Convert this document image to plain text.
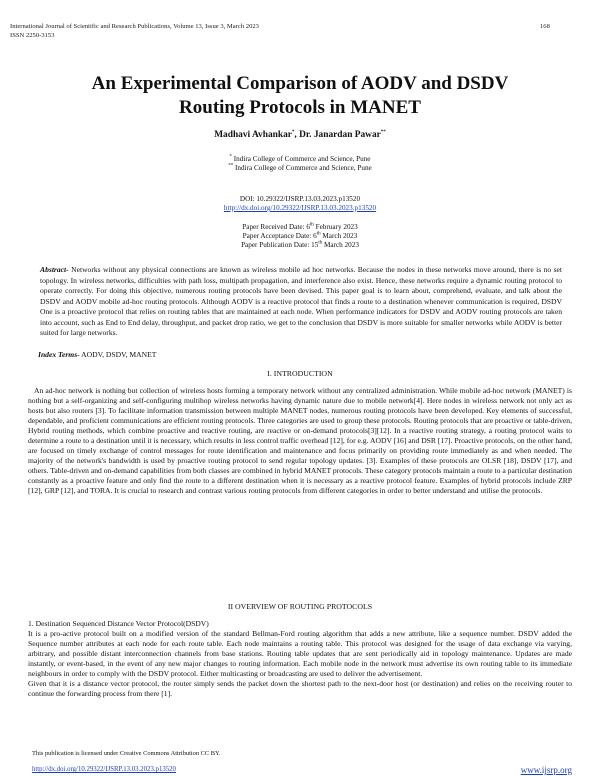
International Journal of Scientific and Research Publications, Volume 13, Issue 3, March 2023
ISSN 2250-3153
168
An Experimental Comparison of AODV and DSDV
Routing Protocols in MANET
Madhavi Avhankar*, Dr. Janardan Pawar**
* Indira College of Commerce and Science, Pune
** Indira College of Commerce and Science, Pune
DOI: 10.29322/IJSRP.13.03.2023.p13520
http://dx.doi.org/10.29322/IJSRP.13.03.2023.p13520
Paper Received Date: 6th February 2023
Paper Acceptance Date: 6th March 2023
Paper Publication Date: 15th March 2023
Abstract- Networks without any physical connections are known as wireless mobile ad hoc networks. Because the nodes in these networks move around, there is no set topology. In wireless networks, difficulties with path loss, multipath propagation, and interference also exist. Hence, these networks require a dynamic routing protocol to operate correctly. For doing this objective, numerous routing protocols have been devised. This paper goal is to learn about, comprehend, evaluate, and talk about the DSDV and AODV mobile ad-hoc routing protocols. Although AODV is a reactive protocol that finds a route to a destination whenever communication is required, DSDV One is a proactive protocol that relies on routing tables that are maintained at each node. When performance indicators for DSDV and AODV routing protocols are taken into account, such as End to End delay, throughput, and packet drop ratio, we get to the conclusion that DSDV is more suitable for smaller networks while AODV is better suited for large networks.
Index Terms- AODV, DSDV, MANET
I. INTRODUCTION

An ad-hoc network is nothing but collection of wireless hosts forming a temporary network without any centralized administration. While mobile ad-hoc network (MANET) is nothing but a self-organizing and self-configuring multihop wireless networks having dynamic nature due to mobile network[4]. Here nodes in wireless network not only act as hosts but also routers [3]. To facilitate information transmission between multiple MANET nodes, numerous routing protocols have been developed. Key elements of successful, dependable, and proficient communications are efficient routing protocols. Three categories are used to group these protocols. Routing protocols that are proactive or table-driven, Hybrid routing methods, which combine proactive and reactive routing, are reactive or on-demand protocols[3][12]. In a reactive routing strategy, a routing protocol waits to determine a route to a destination until it is necessary, which results in less control traffic overhead [12], for e.g. AODV [16] and DSR [17]. Proactive protocols, on the other hand, are focused on timely exchange of control messages for route identification and maintenance and focus primarily on providing route immediately as and when needed. The majority of the network's bandwidth is used by proactive routing protocol to send regular topology updates. [3]. Examples of these protocols are OLSR [18], DSDV [17], and others. Table-driven and on-demand capabilities from both classes are combined in hybrid MANET protocols. These category protocols maintain a route to a particular destination constantly as a proactive feature and only find the route to a different destination when it is necessary as a reactive protocol feature. Examples of hybrid protocols include ZRP [12], GRP [12], and TORA. It is crucial to research and contrast various routing protocols from different categories in order to better understand and utilise the protocols.

II OVERVIEW OF ROUTING PROTOCOLS

1. Destination Sequenced Distance Vector Protocol(DSDV)

It is a pro-active protocol built on a modified version of the standard Bellman-Ford routing algorithm that adds a new attribute, like a sequence number. DSDV added the Sequence number attributes at each node for each route table. Each node maintains a routing table. This protocol was designed for the usage of data exchange via varying, arbitrary, and possible distant interconnection channels from base stations. Routing table updates that are sent periodically aid in topology maintenance. Updates are made instantly, or event-based, in the event of any new major changes to routing information. Each mobile node in the network must advertise its own routing table to its immediate neighbours in order to comply with the DSDV protocol. Either multicasting or broadcasting are used to deliver the advertisement.

Given that it is a distance vector protocol, the router simply sends the packet down the shortest path to the next-door host (or destination) and relies on the receiving router to continue the forwarding process from there [1].

This publication is licensed under Creative Commons Attribution CC BY.
http://dx.doi.org/10.29322/IJSRP.13.03.2023.p13520	www.ijsrp.org
